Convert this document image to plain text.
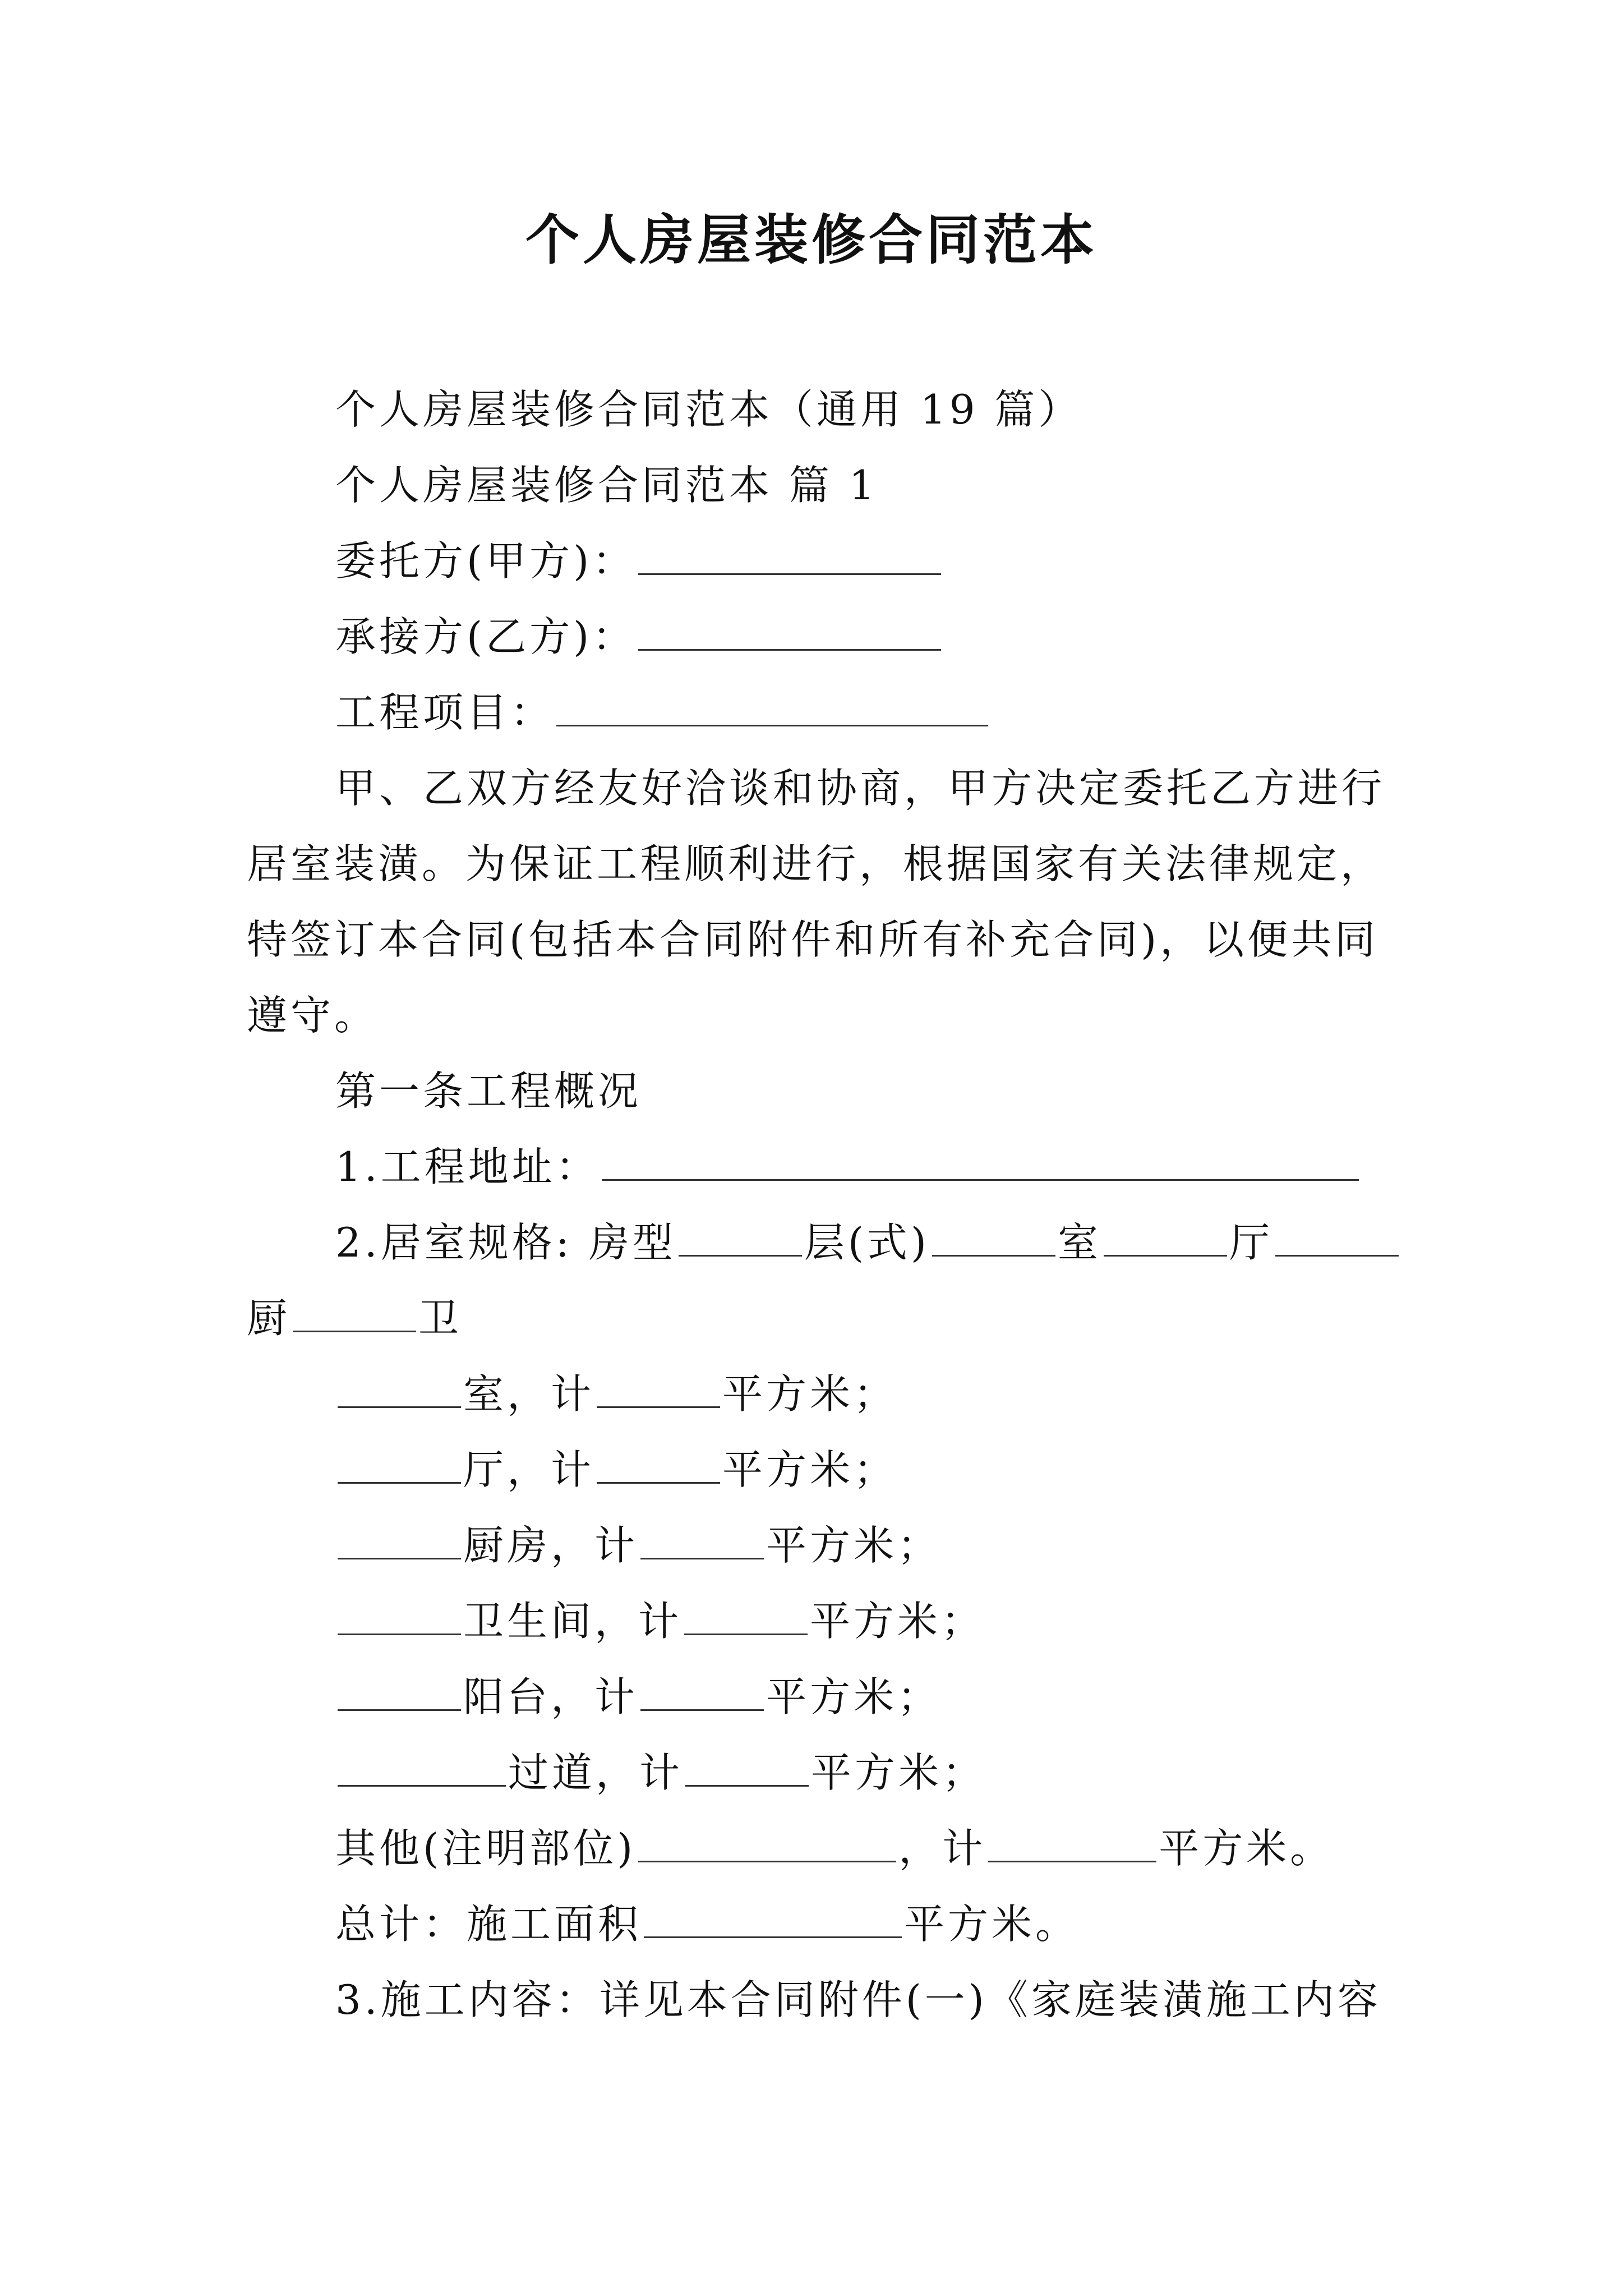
个人房屋装修合同范本
个人房屋装修合同范本（通用 19 篇）
个人房屋装修合同范本 篇 1
委托方(甲方)：
承接方(乙方)：
工程项目：
甲、乙双方经友好洽谈和协商，甲方决定委托乙方进行
居室装潢。为保证工程顺利进行，根据国家有关法律规定，
特签订本合同(包括本合同附件和所有补充合同)，以便共同
遵守。
第一条工程概况
1.工程地址：
2.居室规格: 房型	层(式)	室	厅
厨	卫
室，计	平方米；
厅，计	平方米；
厨房，计	平方米；
卫生间，计	平方米；
阳台，计	平方米；
过道，计	平方米；
其他(注明部位)	，计	平方米。
总计：施工面积	平方米。
3.施工内容：详见本合同附件(一)《家庭装潢施工内容
